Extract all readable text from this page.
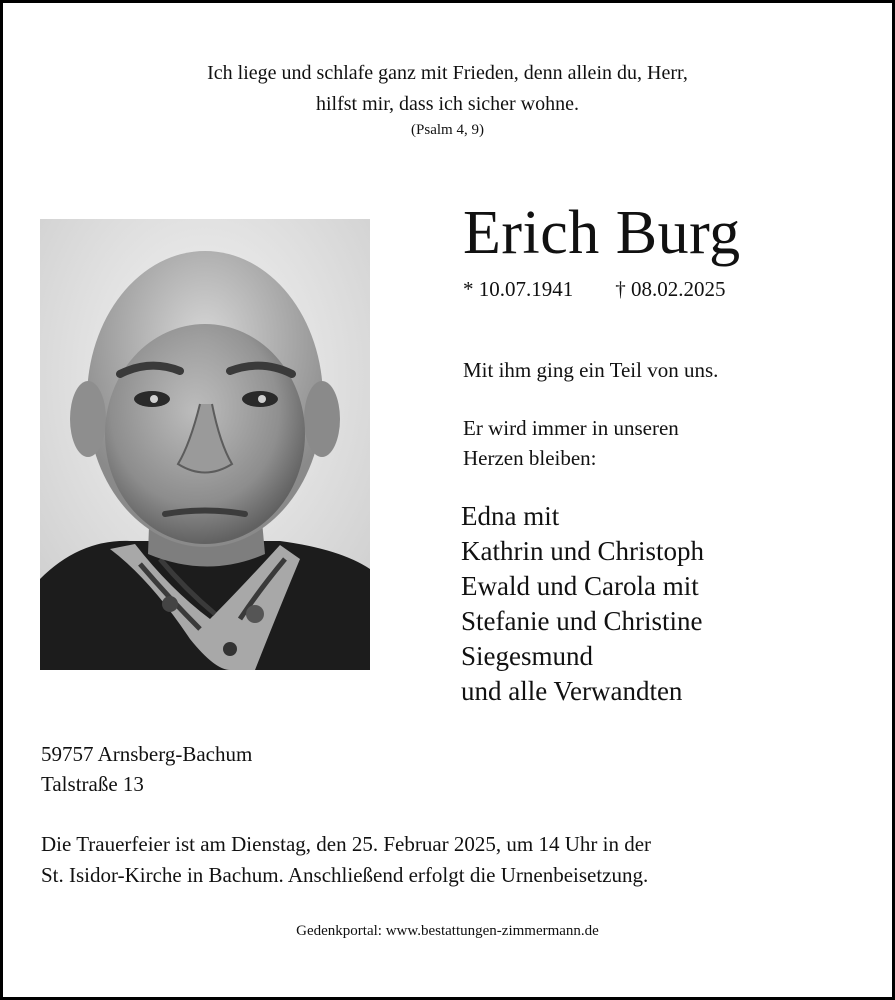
Ich liege und schlafe ganz mit Frieden, denn allein du, Herr,
hilfst mir, dass ich sicher wohne.
(Psalm 4, 9)
Erich Burg
* 10.07.1941 † 08.02.2025
Mit ihm ging ein Teil von uns.
Er wird immer in unseren
Herzen bleiben:
Edna mit
Kathrin und Christoph
Ewald und Carola mit
Stefanie und Christine
Siegesmund
und alle Verwandten
59757 Arnsberg-Bachum
Talstraße 13
Die Trauerfeier ist am Dienstag, den 25. Februar 2025, um 14 Uhr in der
St. Isidor-Kirche in Bachum. Anschließend erfolgt die Urnenbeisetzung.
Gedenkportal: www.bestattungen-zimmermann.de
